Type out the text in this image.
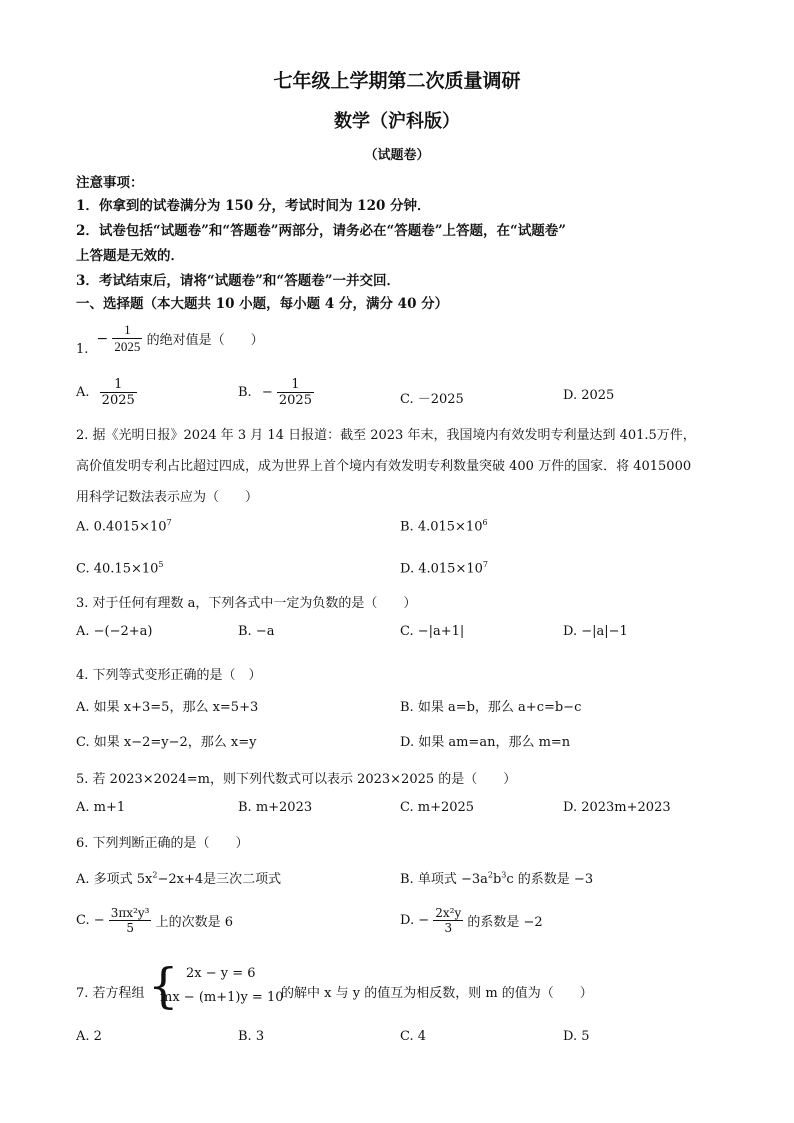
七年级上学期第二次质量调研
数学（沪科版）
（试题卷）
注意事项：
1．你拿到的试卷满分为 150 分，考试时间为 120 分钟．
2．试卷包括“试题卷”和“答题卷”两部分，请务必在“答题卷”上答题，在“试题卷”
上答题是无效的．
3．考试结束后，请将“试题卷”和“答题卷”一并交回．
一、选择题（本大题共 10 小题，每小题 4 分，满分 40 分）
1. − $\frac{1}{2025}$ 的绝对值是（　　）
A. $\frac{1}{2025}$	B. − $\frac{1}{2025}$	C. －2025	D. 2025
2. 据《光明日报》2024 年 3 月 14 日报道：截至 2023 年末，我国境内有效发明专利量达到 401.5万件，
高价值发明专利占比超过四成，成为世界上首个境内有效发明专利数量突破 400 万件的国家．将 4015000
用科学记数法表示应为（　　）
A. $0.4015\times 10^7$	B. $4.015\times 10^6$
C. $40.15\times 10^5$	D. $4.015\times 10^7$
3. 对于任何有理数 a，下列各式中一定为负数的是（　　）
A. −(−2+a)	B. −a	C. −|a+1|	D. −|a|−1
4. 下列等式变形正确的是（　）
A. 如果 x+3=5，那么 x=5+3	B. 如果 a=b，那么 a+c=b−c
C. 如果 x−2=y−2，那么 x=y	D. 如果 am=an，那么 m=n
5. 若 2023×2024=m，则下列代数式可以表示 2023×2025 的是（　　）
A. m+1	B. m+2023	C. m+2025	D. 2023m+2023
6. 下列判断正确的是（　　）
A. 多项式 $5x^2-2x+4$是三次二项式	B. 单项式 $-3a^2b^3c$ 的系数是 −3
C. − $\frac{\text{3πx²y³}}{5}$ 上的次数是 6	D. − $\frac{\text{2x²y}}{3}$ 的系数是 −2
7. 若方程组 { 2x − y = 6
mx − (m+1)y = 10
的解中 x 与 y 的值互为相反数，则 m 的值为（　　）
A. 2	B. 3	C. 4	D. 5
